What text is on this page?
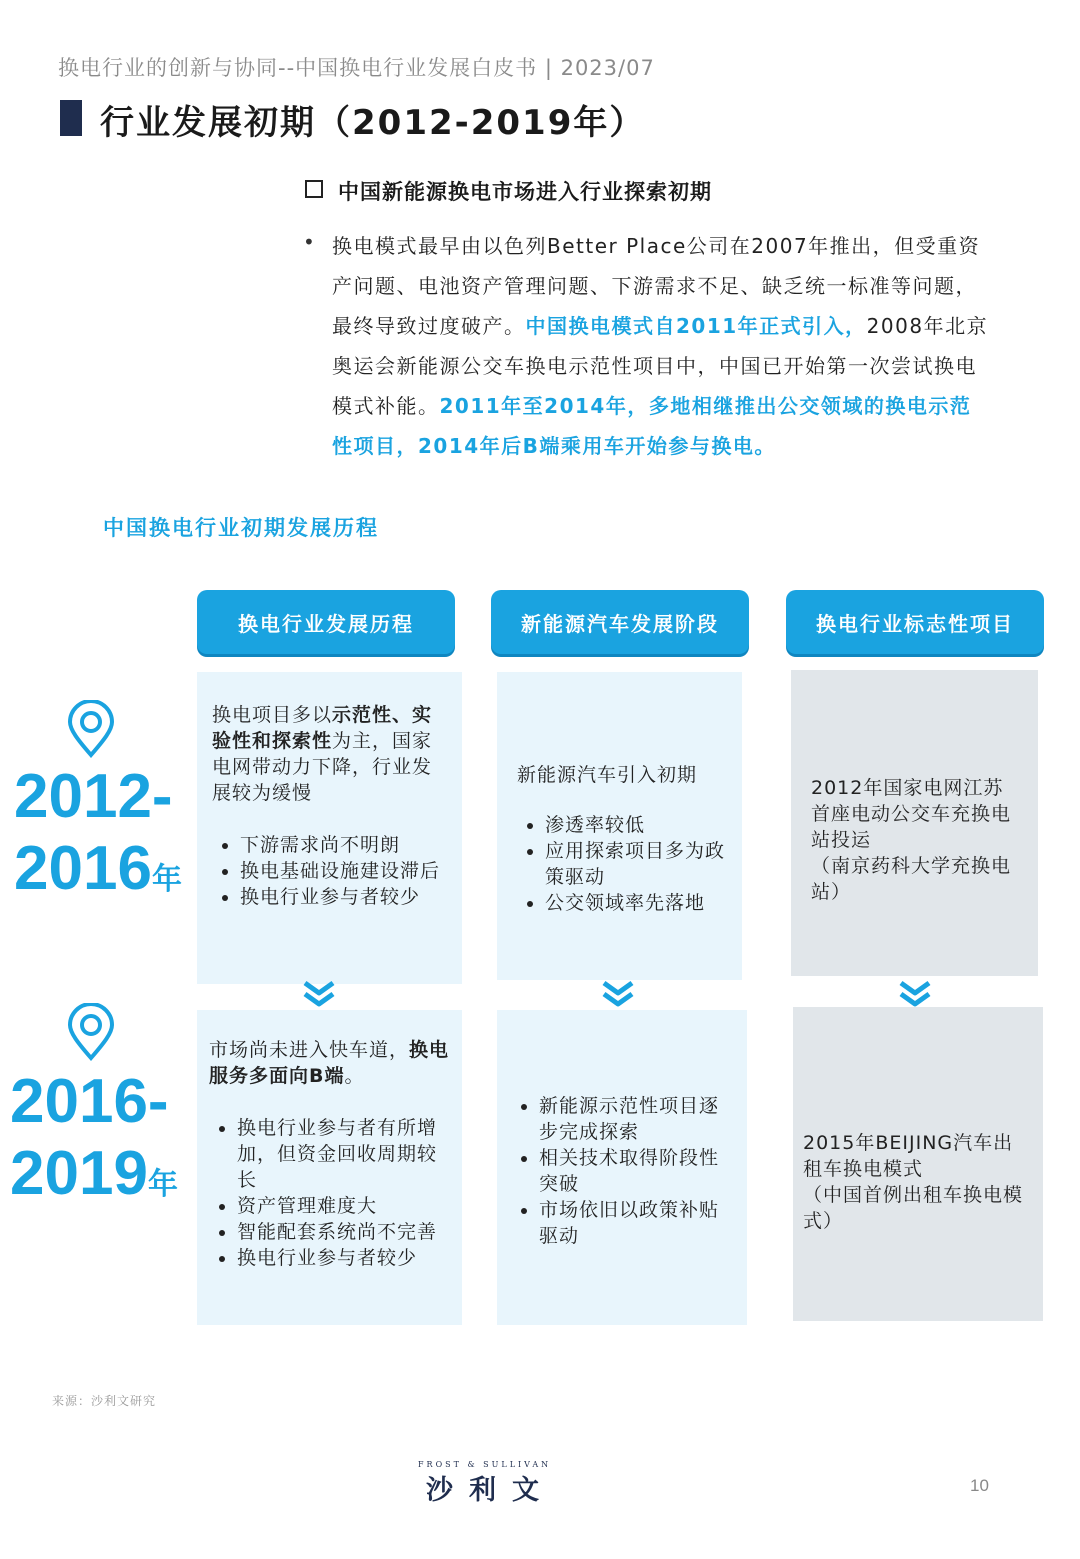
换电行业的创新与协同--中国换电行业发展白皮书 | 2023/07
行业发展初期（2012-2019年）
中国新能源换电市场进入行业探索初期
• 换电模式最早由以色列Better Place公司在2007年推出，但受重资产问题、电池资产管理问题、下游需求不足、缺乏统一标准等问题，最终导致过度破产。中国换电模式自2011年正式引入，2008年北京奥运会新能源公交车换电示范性项目中，中国已开始第一次尝试换电模式补能。2011年至2014年，多地相继推出公交领域的换电示范性项目，2014年后B端乘用车开始参与换电。
中国换电行业初期发展历程
换电行业发展历程	新能源汽车发展阶段	换电行业标志性项目
2012-
2016年
换电项目多以示范性、实验性和探索性为主，国家电网带动力下降，行业发展较为缓慢
• 下游需求尚不明朗
• 换电基础设施建设滞后
• 换电行业参与者较少
新能源汽车引入初期
• 渗透率较低
• 应用探索项目多为政策驱动
• 公交领域率先落地
2012年国家电网江苏首座电动公交车充换电站投运
（南京药科大学充换电站）
2016-
2019年
市场尚未进入快车道，换电服务多面向B端。
• 换电行业参与者有所增加，但资金回收周期较长
• 资产管理难度大
• 智能配套系统尚不完善
• 换电行业参与者较少
• 新能源示范性项目逐步完成探索
• 相关技术取得阶段性突破
• 市场依旧以政策补贴驱动
2015年BEIJING汽车出租车换电模式
（中国首例出租车换电模式）
来源：沙利文研究
FROST & SULLIVAN
沙利文	10
